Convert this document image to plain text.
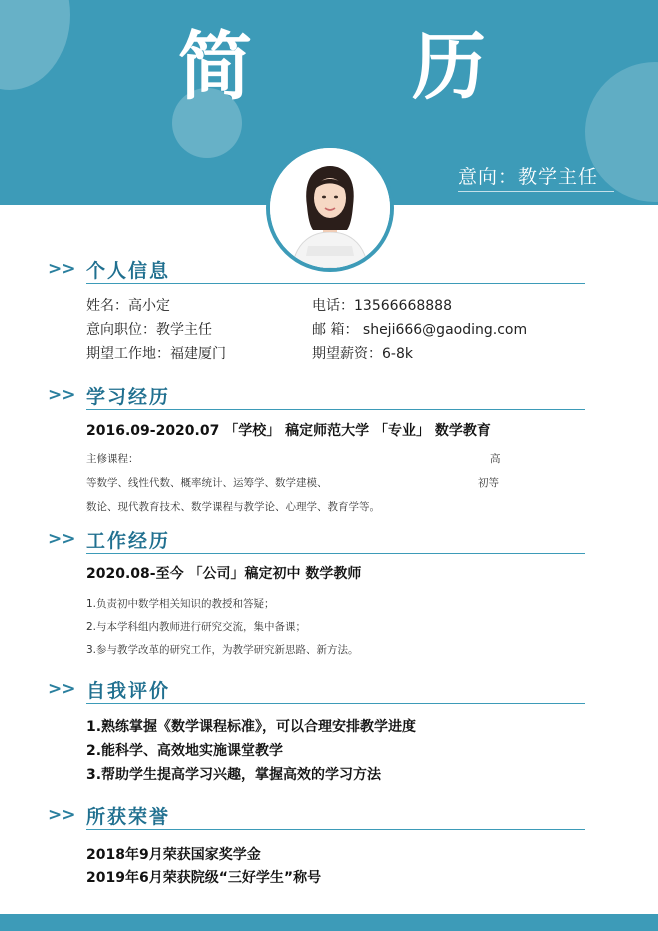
简 历
意向：教学主任
>> 个人信息
姓名：高小定
意向职位：教学主任
期望工作地：福建厦门
电话：13566668888
邮 箱： sheji666@gaoding.com
期望薪资：6-8k
>> 学习经历
2016.09-2020.07 「学校」 稿定师范大学 「专业」 数学教育
主修课程：	高
等数学、线性代数、概率统计、运筹学、数学建模、	初等
数论、现代教育技术、数学课程与教学论、心理学、教育学等。
>> 工作经历
2020.08-至今 「公司」稿定初中 数学教师
1.负责初中数学相关知识的教授和答疑；
2.与本学科组内教师进行研究交流，集中备课；
3.参与教学改革的研究工作，为教学研究新思路、新方法。
>> 自我评价
1.熟练掌握《数学课程标准》，可以合理安排教学进度
2.能科学、高效地实施课堂教学
3.帮助学生提高学习兴趣，掌握高效的学习方法
>> 所获荣誉
2018年9月荣获国家奖学金
2019年6月荣获院级“三好学生”称号
